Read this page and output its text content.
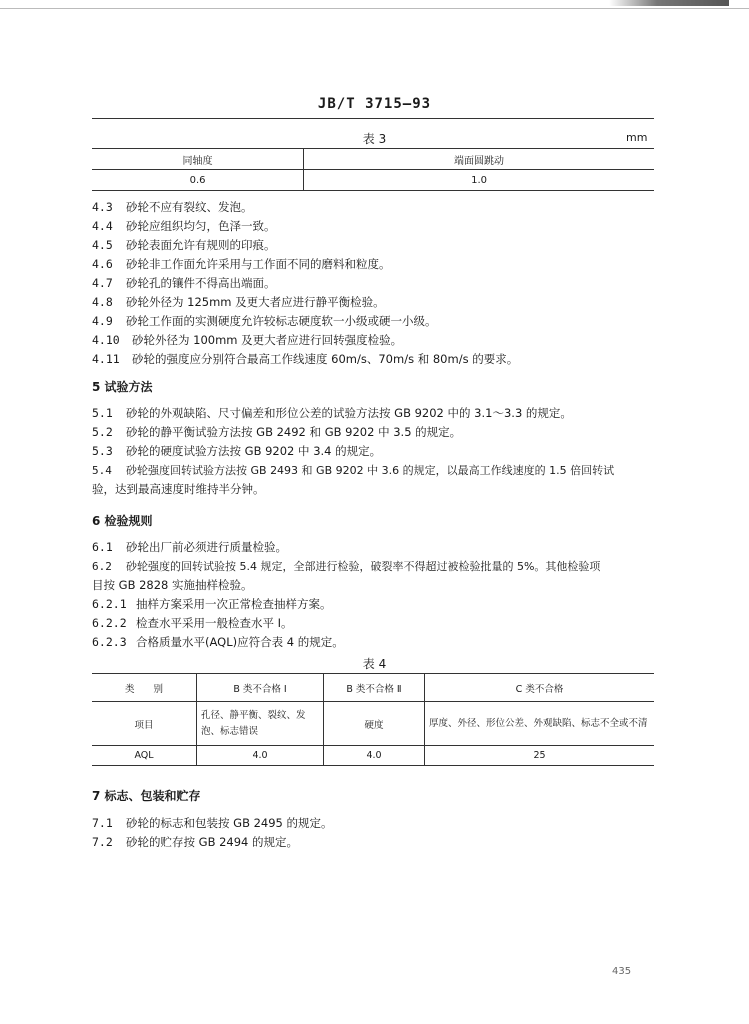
JB/T 3715—93
表 3	mm
同轴度	端面圆跳动
0.6	1.0
4.3 砂轮不应有裂纹、发泡。
4.4 砂轮应组织均匀，色泽一致。
4.5 砂轮表面允许有规则的印痕。
4.6 砂轮非工作面允许采用与工作面不同的磨料和粒度。
4.7 砂轮孔的镶件不得高出端面。
4.8 砂轮外径为 125mm 及更大者应进行静平衡检验。
4.9 砂轮工作面的实测硬度允许较标志硬度软一小级或硬一小级。
4.10 砂轮外径为 100mm 及更大者应进行回转强度检验。
4.11 砂轮的强度应分别符合最高工作线速度 60m/s、70m/s 和 80m/s 的要求。
5 试验方法
5.1 砂轮的外观缺陷、尺寸偏差和形位公差的试验方法按 GB 9202 中的 3.1～3.3 的规定。
5.2 砂轮的静平衡试验方法按 GB 2492 和 GB 9202 中 3.5 的规定。
5.3 砂轮的硬度试验方法按 GB 9202 中 3.4 的规定。
5.4 砂轮强度回转试验方法按 GB 2493 和 GB 9202 中 3.6 的规定，以最高工作线速度的 1.5 倍回转试
验，达到最高速度时维持半分钟。
6 检验规则
6.1 砂轮出厂前必须进行质量检验。
6.2 砂轮强度的回转试验按 5.4 规定，全部进行检验，破裂率不得超过被检验批量的 5%。其他检验项
目按 GB 2828 实施抽样检验。
6.2.1 抽样方案采用一次正常检查抽样方案。
6.2.2 检查水平采用一般检查水平 Ⅰ。
6.2.3 合格质量水平(AQL)应符合表 4 的规定。
表 4
类　　别	B 类不合格 Ⅰ	B 类不合格 Ⅱ	C 类不合格
项目	孔径、静平衡、裂纹、发泡、标志错误	硬度	厚度、外径、形位公差、外观缺陷、标志不全或不清
AQL	4.0	4.0	25
7 标志、包装和贮存
7.1 砂轮的标志和包装按 GB 2495 的规定。
7.2 砂轮的贮存按 GB 2494 的规定。
435
